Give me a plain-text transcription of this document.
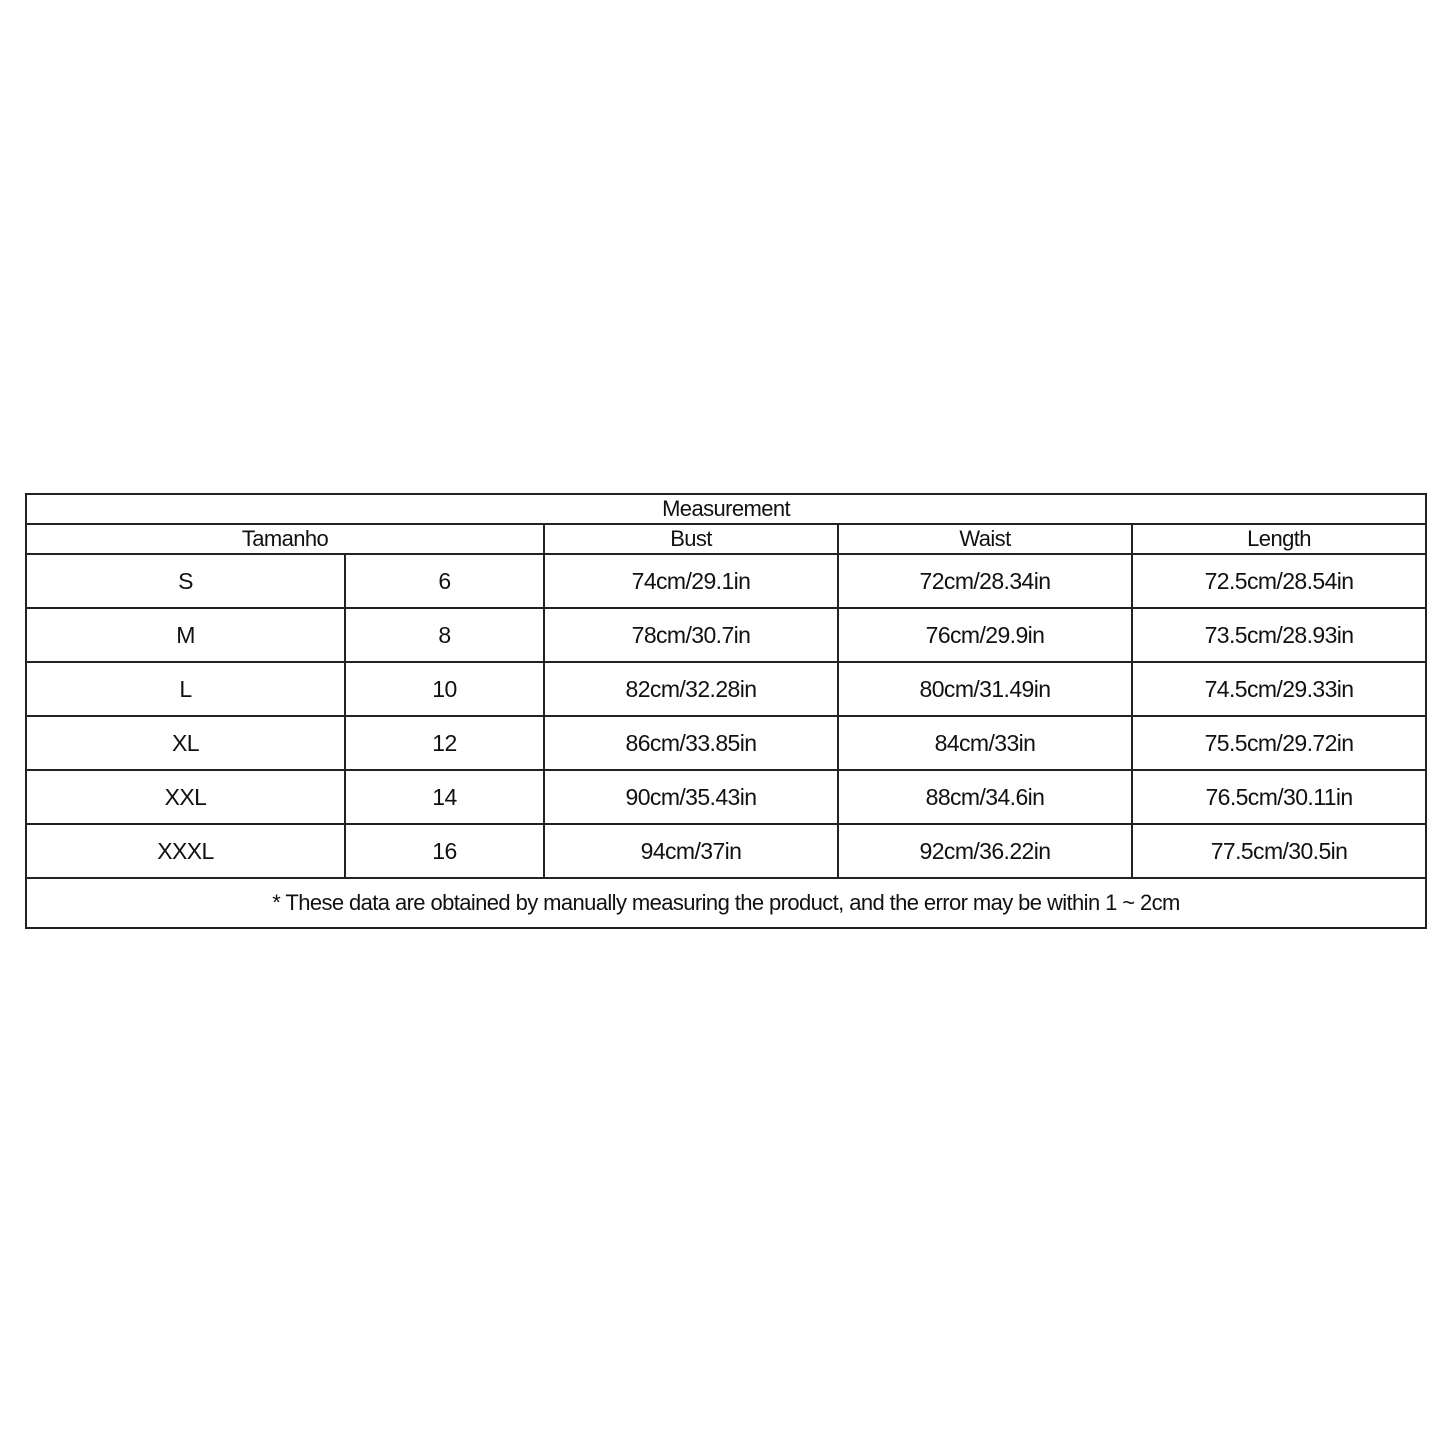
Measurement				
Tamanho		Bust	Waist	Length
S	6	74cm/29.1in	72cm/28.34in	72.5cm/28.54in
M	8	78cm/30.7in	76cm/29.9in	73.5cm/28.93in
L	10	82cm/32.28in	80cm/31.49in	74.5cm/29.33in
XL	12	86cm/33.85in	84cm/33in	75.5cm/29.72in
XXL	14	90cm/35.43in	88cm/34.6in	76.5cm/30.11in
XXXL	16	94cm/37in	92cm/36.22in	77.5cm/30.5in
* These data are obtained by manually measuring the product, and the error may be within 1 ~ 2cm				
